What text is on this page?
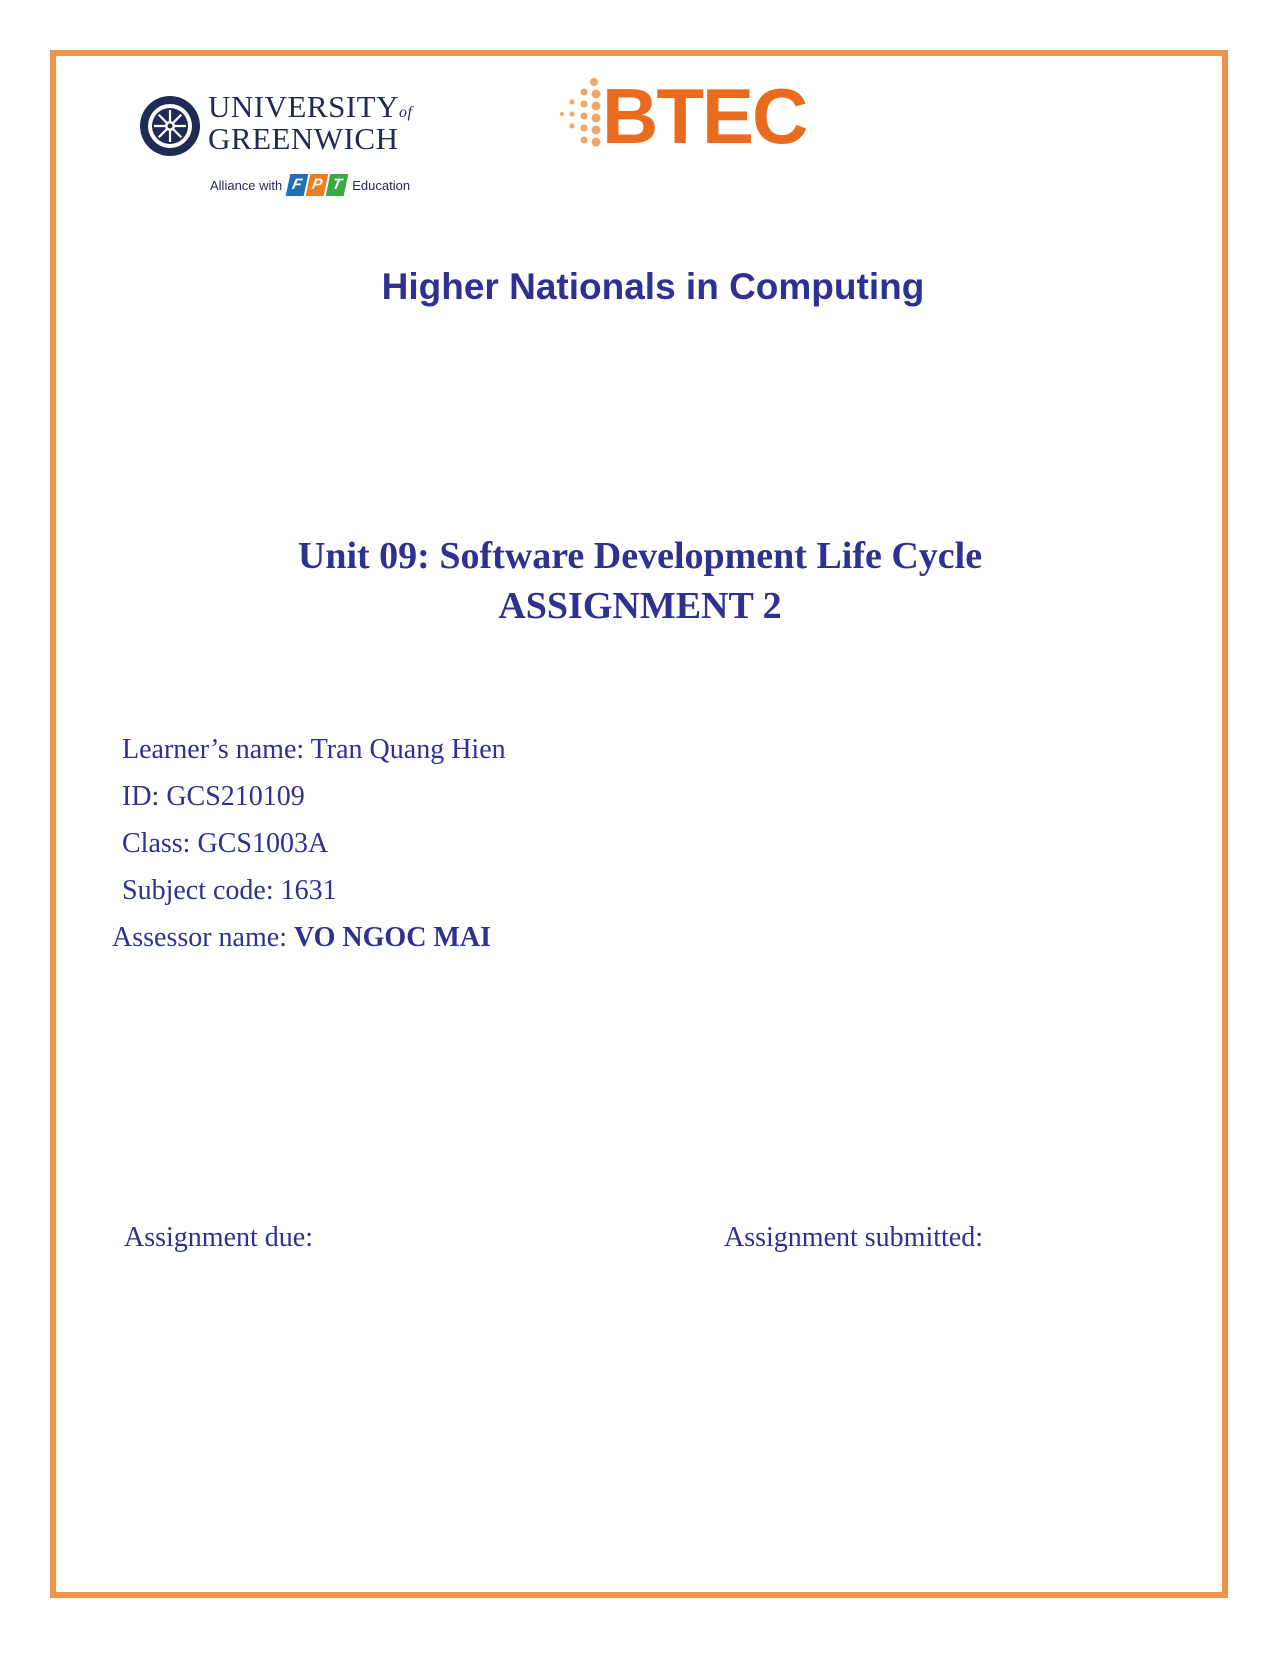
UNIVERSITYof
GREENWICH
Alliance with F P T Education
BTEC
Higher Nationals in Computing
Unit 09: Software Development Life Cycle
ASSIGNMENT 2
Learner’s name: Tran Quang Hien
ID: GCS210109
Class: GCS1003A
Subject code: 1631
Assessor name: VO NGOC MAI
Assignment due:	Assignment submitted:
